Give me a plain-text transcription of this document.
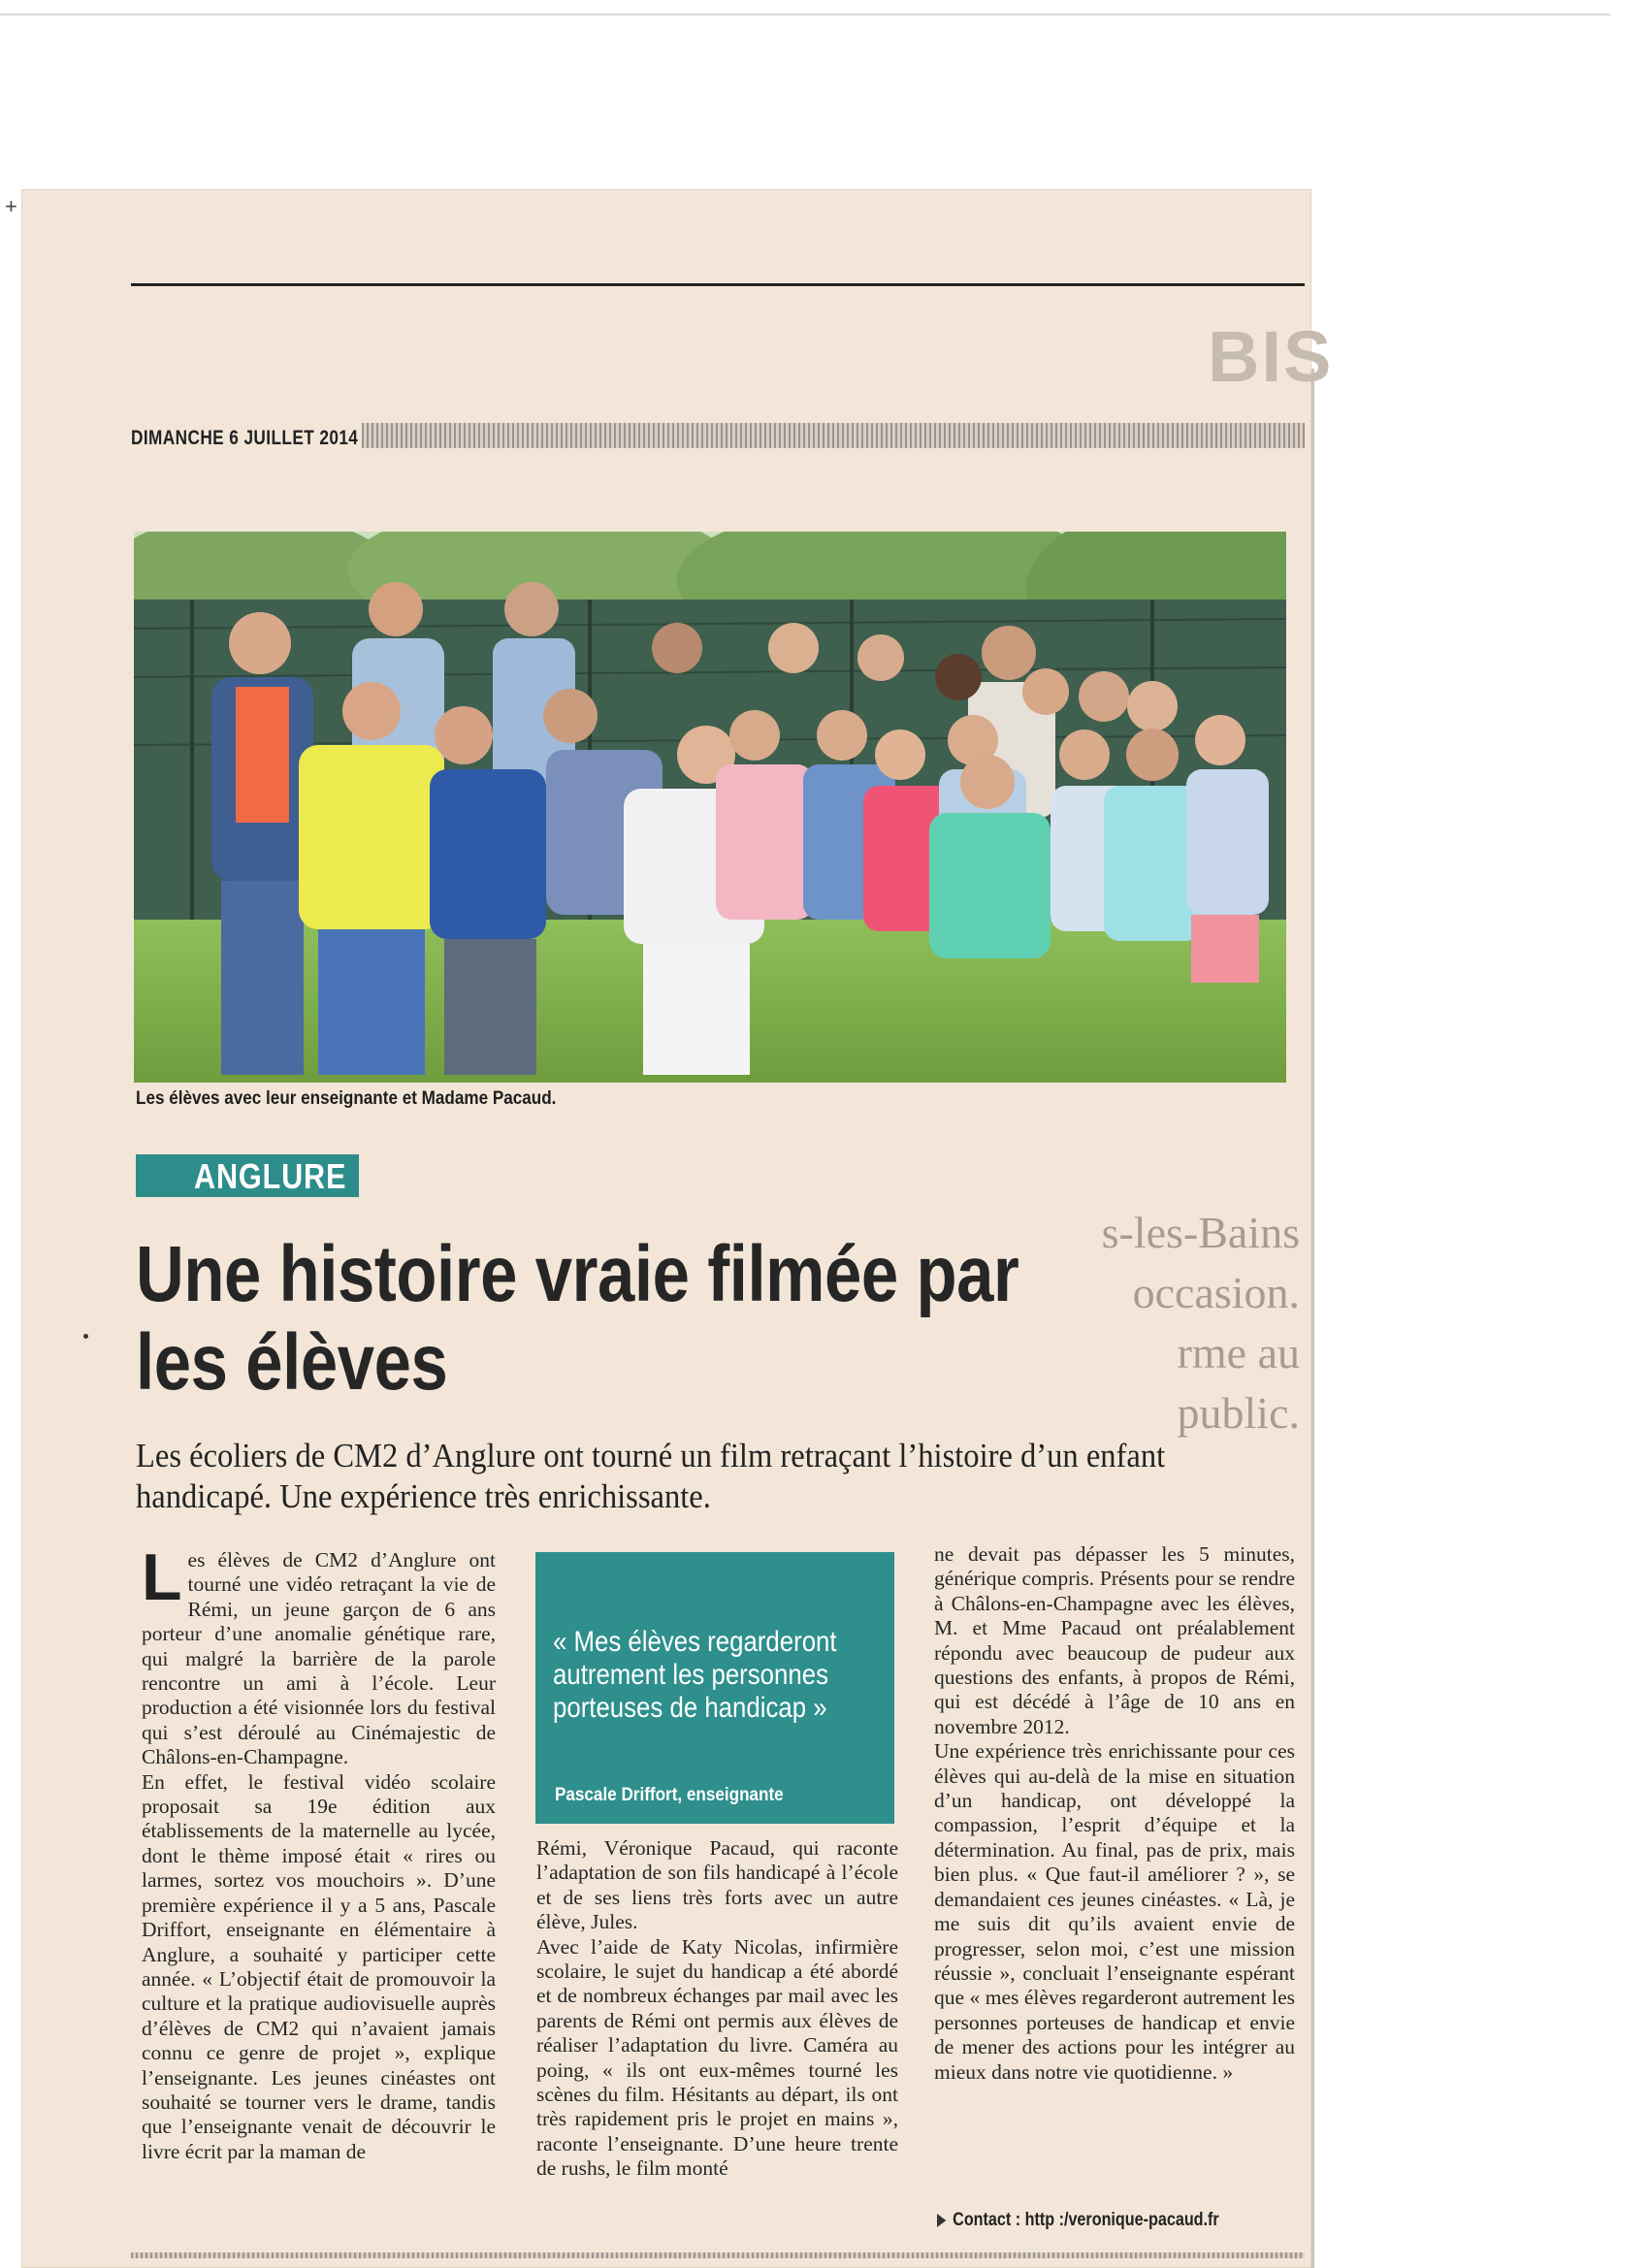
+
BIS
s-les-Bains
occasion.
rme au public.
DIMANCHE 6 JUILLET 2014
Les élèves avec leur enseignante et Madame Pacaud.
ANGLURE
Une histoire vraie filmée par les élèves
Les écoliers de CM2 d’Anglure ont tourné un film retraçant l’histoire d’un enfant handicapé. Une expérience très enrichissante.
Les élèves de CM2 d’Anglure ont tourné une vidéo retraçant la vie de Rémi, un jeune garçon de 6 ans porteur d’une anomalie génétique rare, qui malgré la barrière de la parole rencontre un ami à l’école. Leur production a été visionnée lors du festival qui s’est déroulé au Cinémajestic de Châlons-en-Champagne.
En effet, le festival vidéo scolaire proposait sa 19e édition aux établissements de la maternelle au lycée, dont le thème imposé était « rires ou larmes, sortez vos mouchoirs ». D’une première expérience il y a 5 ans, Pascale Driffort, enseignante en élémentaire à Anglure, a souhaité y participer cette année. « L’objectif était de promouvoir la culture et la pratique audiovisuelle auprès d’élèves de CM2 qui n’avaient jamais connu ce genre de projet », explique l’enseignante. Les jeunes cinéastes ont souhaité se tourner vers le drame, tandis que l’enseignante venait de découvrir le livre écrit par la maman de
« Mes élèves regarderont autrement les personnes porteuses de handicap »
Pascale Driffort, enseignante
Rémi, Véronique Pacaud, qui raconte l’adaptation de son fils handicapé à l’école et de ses liens très forts avec un autre élève, Jules.
Avec l’aide de Katy Nicolas, infirmière scolaire, le sujet du handicap a été abordé et de nombreux échanges par mail avec les parents de Rémi ont permis aux élèves de réaliser l’adaptation du livre. Caméra au poing, « ils ont eux-mêmes tourné les scènes du film. Hésitants au départ, ils ont très rapidement pris le projet en mains », raconte l’enseignante. D’une heure trente de rushs, le film monté
ne devait pas dépasser les 5 minutes, générique compris. Présents pour se rendre à Châlons-en-Champagne avec les élèves, M. et Mme Pacaud ont préalablement répondu avec beaucoup de pudeur aux questions des enfants, à propos de Rémi, qui est décédé à l’âge de 10 ans en novembre 2012.
Une expérience très enrichissante pour ces élèves qui au-delà de la mise en situation d’un handicap, ont développé la compassion, l’esprit d’équipe et la détermination. Au final, pas de prix, mais bien plus. « Que faut-il améliorer ? », se demandaient ces jeunes cinéastes. « Là, je me suis dit qu’ils avaient envie de progresser, selon moi, c’est une mission réussie », concluait l’enseignante espérant que « mes élèves regarderont autrement les personnes porteuses de handicap et envie de mener des actions pour les intégrer au mieux dans notre vie quotidienne. »
Contact : http :/veronique-pacaud.fr
